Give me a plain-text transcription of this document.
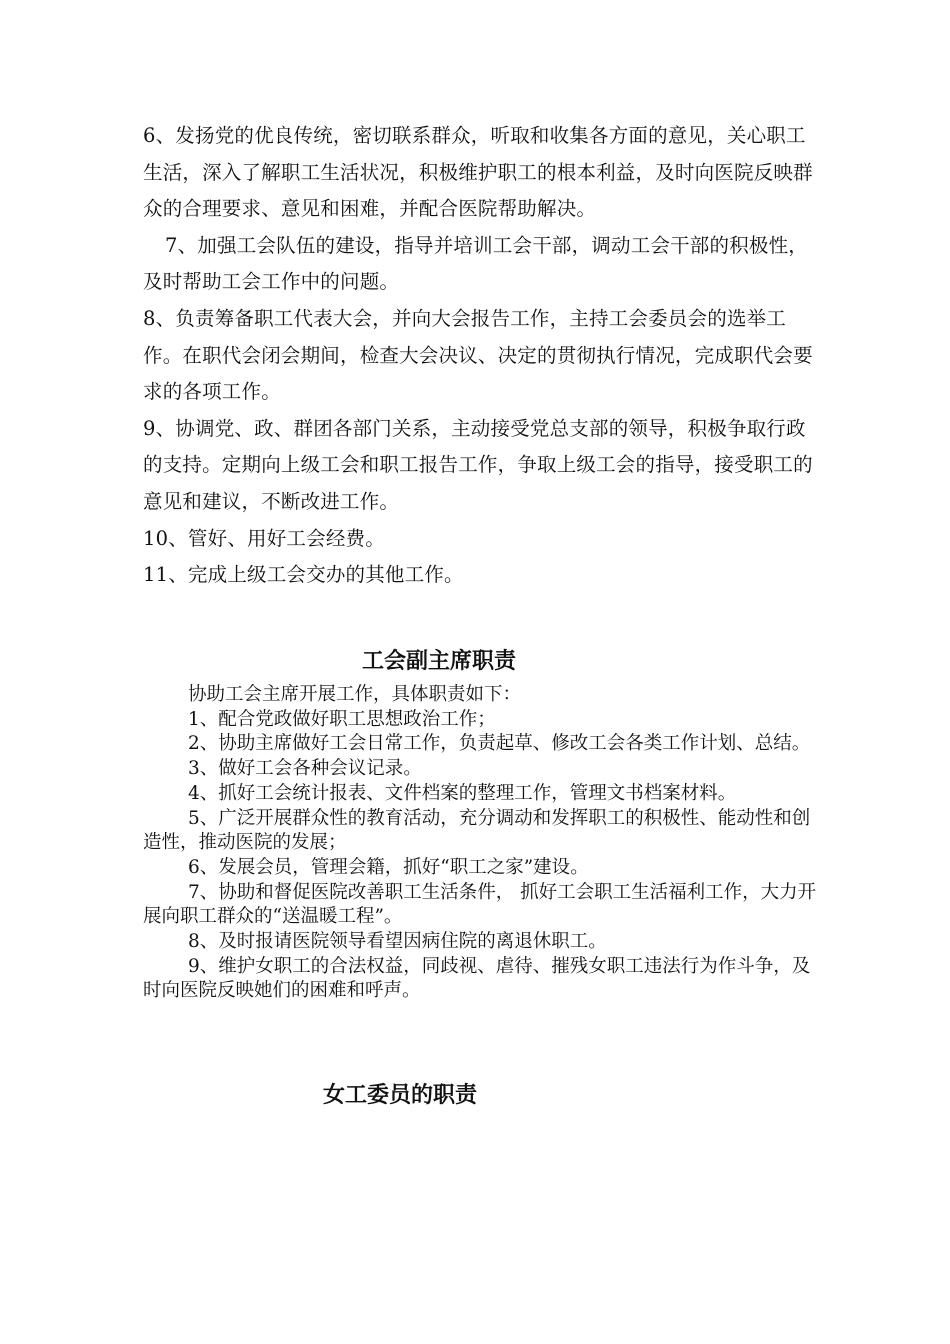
6、发扬党的优良传统，密切联系群众，听取和收集各方面的意见，关心职工生活，深入了解职工生活状况，积极维护职工的根本利益，及时向医院反映群众的合理要求、意见和困难，并配合医院帮助解决。

7、加强工会队伍的建设，指导并培训工会干部，调动工会干部的积极性，及时帮助工会工作中的问题。

8、负责筹备职工代表大会，并向大会报告工作，主持工会委员会的选举工作。在职代会闭会期间，检查大会决议、决定的贯彻执行情况，完成职代会要求的各项工作。

9、协调党、政、群团各部门关系，主动接受党总支部的领导，积极争取行政的支持。定期向上级工会和职工报告工作，争取上级工会的指导，接受职工的意见和建议，不断改进工作。

10、管好、用好工会经费。

11、完成上级工会交办的其他工作。

工会副主席职责

协助工会主席开展工作，具体职责如下：

1、配合党政做好职工思想政治工作；

2、协助主席做好工会日常工作，负责起草、修改工会各类工作计划、总结。

3、做好工会各种会议记录。

4、抓好工会统计报表、文件档案的整理工作，管理文书档案材料。

5、广泛开展群众性的教育活动，充分调动和发挥职工的积极性、能动性和创造性，推动医院的发展；

6、发展会员，管理会籍，抓好“职工之家”建设。

7、协助和督促医院改善职工生活条件， 抓好工会职工生活福利工作，大力开展向职工群众的“送温暖工程”。

8、及时报请医院领导看望因病住院的离退休职工。

9、维护女职工的合法权益，同歧视、虐待、摧残女职工违法行为作斗争，及时向医院反映她们的困难和呼声。

女工委员的职责
